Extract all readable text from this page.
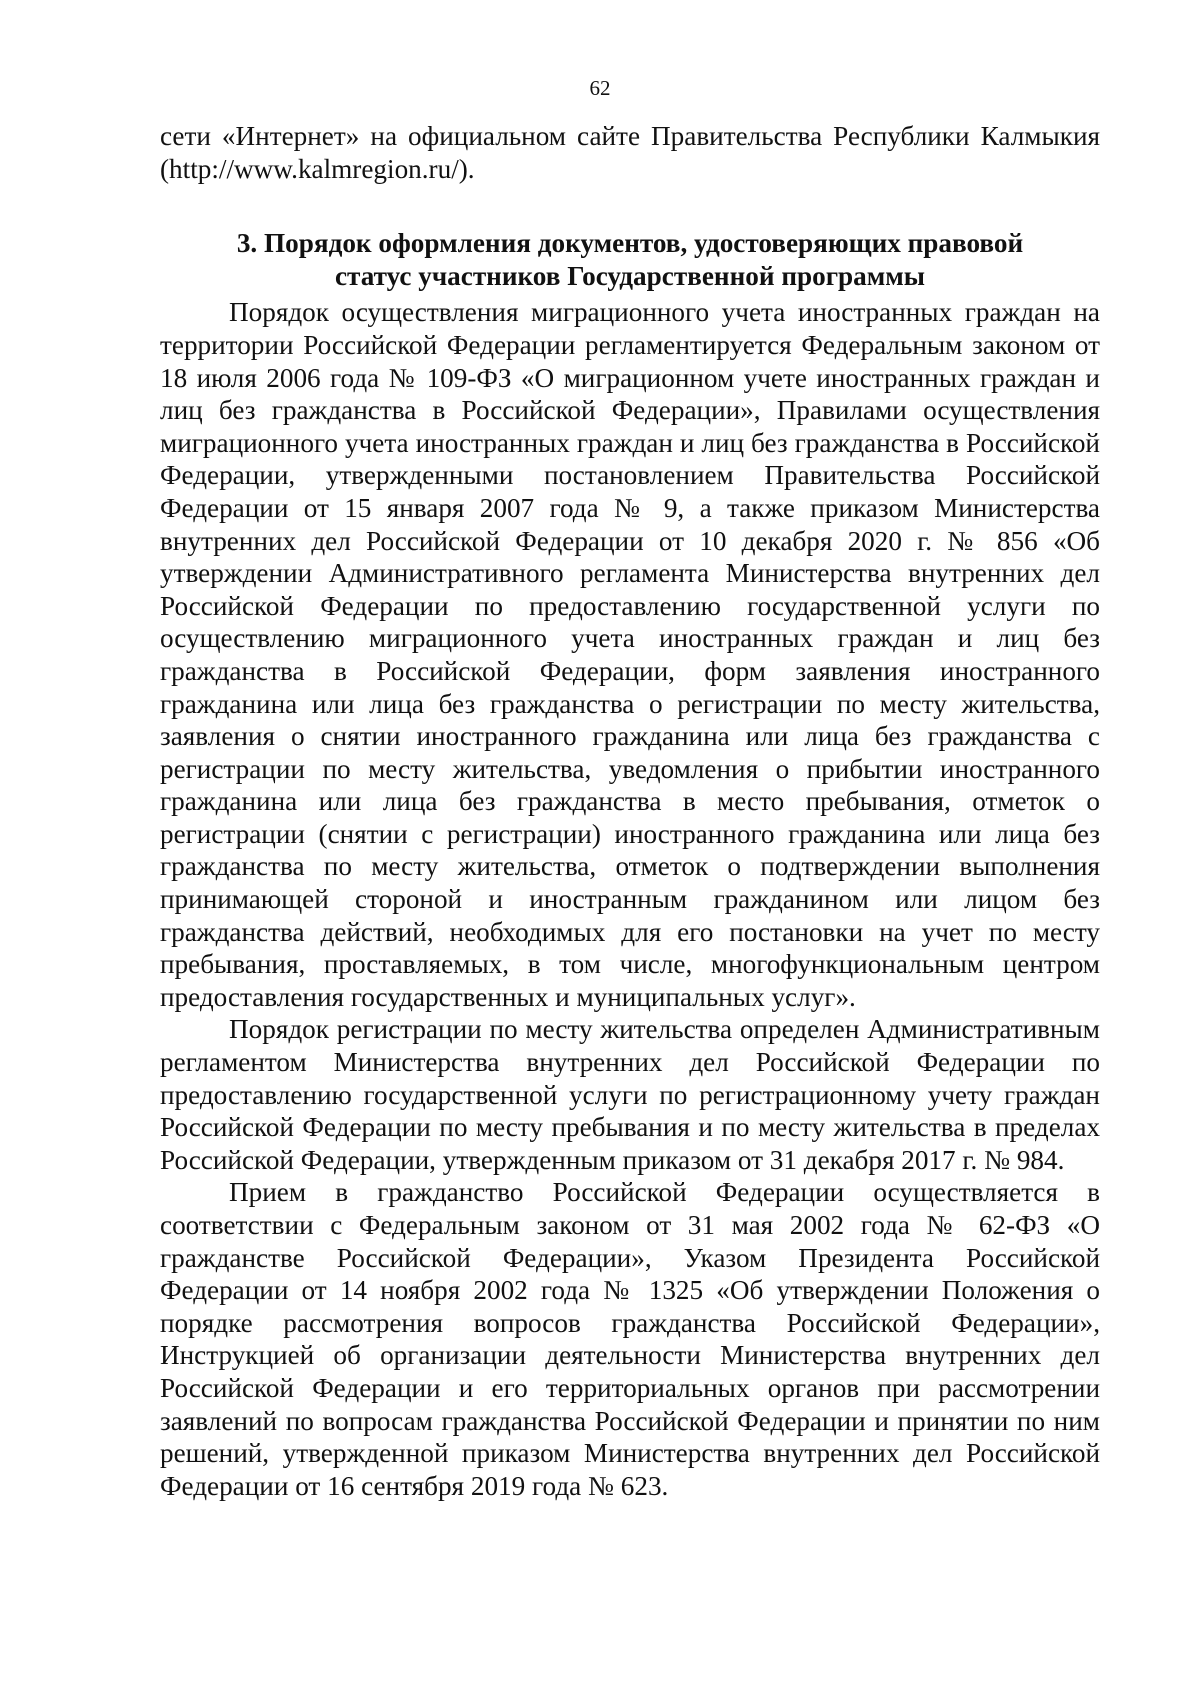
62

сети «Интернет» на официальном сайте Правительства Республики Калмыкия (http://www.kalmregion.ru/).

3. Порядок оформления документов, удостоверяющих правовой
статус участников Государственной программы

Порядок осуществления миграционного учета иностранных граждан на территории Российской Федерации регламентируется Федеральным законом от 18 июля 2006 года № 109-ФЗ «О миграционном учете иностранных граждан и лиц без гражданства в Российской Федерации», Правилами осуществления миграционного учета иностранных граждан и лиц без гражданства в Российской Федерации, утвержденными постановлением Правительства Российской Федерации от 15 января 2007 года № 9, а также приказом Министерства внутренних дел Российской Федерации от 10 декабря 2020 г. № 856 «Об утверждении Административного регламента Министерства внутренних дел Российской Федерации по предоставлению государственной услуги по осуществлению миграционного учета иностранных граждан и лиц без гражданства в Российской Федерации, форм заявления иностранного гражданина или лица без гражданства о регистрации по месту жительства, заявления о снятии иностранного гражданина или лица без гражданства с регистрации по месту жительства, уведомления о прибытии иностранного гражданина или лица без гражданства в место пребывания, отметок о регистрации (снятии с регистрации) иностранного гражданина или лица без гражданства по месту жительства, отметок о подтверждении выполнения принимающей стороной и иностранным гражданином или лицом без гражданства действий, необходимых для его постановки на учет по месту пребывания, проставляемых, в том числе, многофункциональным центром предоставления государственных и муниципальных услуг».

Порядок регистрации по месту жительства определен Административным регламентом Министерства внутренних дел Российской Федерации по предоставлению государственной услуги по регистрационному учету граждан Российской Федерации по месту пребывания и по месту жительства в пределах Российской Федерации, утвержденным приказом от 31 декабря 2017 г. № 984.

Прием в гражданство Российской Федерации осуществляется в соответствии с Федеральным законом от 31 мая 2002 года № 62-ФЗ «О гражданстве Российской Федерации», Указом Президента Российской Федерации от 14 ноября 2002 года № 1325 «Об утверждении Положения о порядке рассмотрения вопросов гражданства Российской Федерации», Инструкцией об организации деятельности Министерства внутренних дел Российской Федерации и его территориальных органов при рассмотрении заявлений по вопросам гражданства Российской Федерации и принятии по ним решений, утвержденной приказом Министерства внутренних дел Российской Федерации от 16 сентября 2019 года № 623.
